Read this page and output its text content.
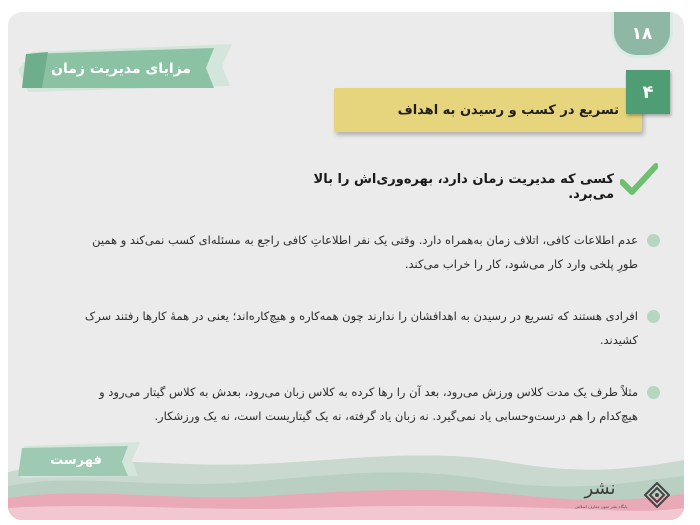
۱۸
مزایای مدیریت زمان
تسریع در کسب و رسیدن به اهداف
۴
کسی که مدیریت زمان دارد، بهره‌وری‌اش را بالا می‌برد.
عدم اطلاعات کافی، اتلاف زمان به‌همراه دارد. وقتی یک نفر اطلاعاتِ کافی راجع به مسئله‌ای کسب نمی‌کند و همین طورِ پلخی وارد کار می‌شود، کار را خراب می‌کند.
افرادی هستند که تسریع در رسیدن به اهدافشان را ندارند چون همه‌کاره و هیچ‌کاره‌اند؛ یعنی در همهٔ کارها رفتند سرک کشیدند.
مثلاً طرف یک مدت کلاس ورزش می‌رود، بعد آن را رها کرده به کلاس زبان می‌رود، بعدش به کلاس گیتار می‌رود و هیچ‌کدام را هم درست‌وحسابی یاد نمی‌گیرد. نه زبان یاد گرفته، نه یک گیتاریست است، نه یک ورزشکار.
فهرست
نشر
پایگاه نشر متون معارف اسلامی
